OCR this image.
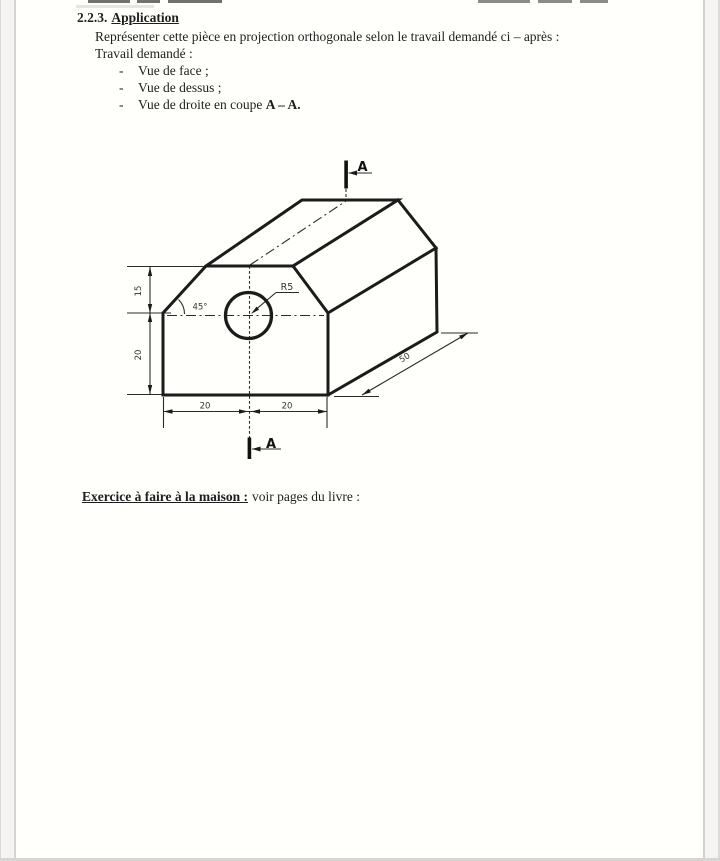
2.2.3. Application
Représenter cette pièce en projection orthogonale selon le travail demandé ci – après :
Travail demandé :
- Vue de face ;
- Vue de dessus ;
- Vue de droite en coupe A – A.
A
A
15
20
20	20
50
R5
45°
Exercice à faire à la maison : voir pages du livre :
